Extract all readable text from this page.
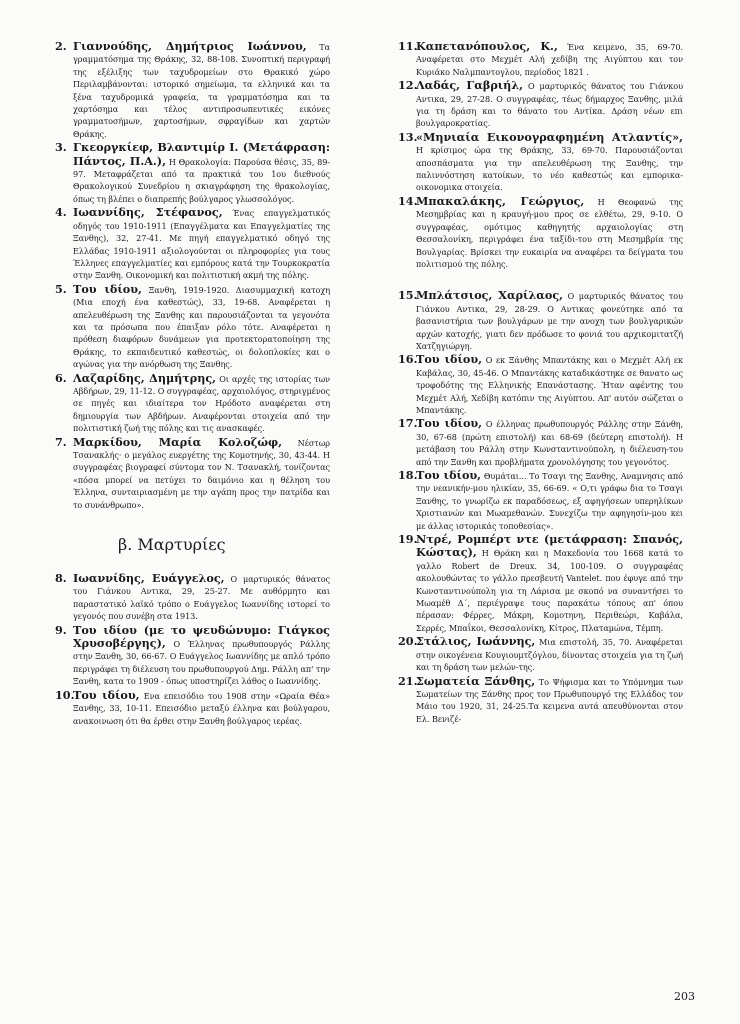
2. Γιαννούδης, Δημήτριος Ιωάννου, Τα γραμματόσημα της Θράκης, 32, 88-108. Συνοπτική περιγραφή της εξέλιξης των ταχυδρομείων στο Θρακικό χώρο Περιλαμβάνονται: ιστορικό σημείωμα, τα ελληνικά και τα ξένα ταχυδρομικά γραφεία, τα γραμματόσημα και τα χαρτόσημα και τέλος αντιπροσωπευτικές εικόνες γραμματοσήμων, χαρτοσήμων, σφραγίδων και χαρτών Θράκης.
3. Γκεοργκίεφ, Βλαντιμίρ Ι. (Μετάφραση: Πάντος, Π.Α.), Η Θρακολογία: Παρούσα θέσις, 35, 89-97. Μεταφράζεται από τα πρακτικά του 1ου διεθνούς Θρακολογικού Συνεδρίου η σκιαγράφηση της θρακολογίας, όπως τη βλέπει ο διαπρεπής βούλγαρος γλωσσολόγος.
4. Ιωαννίδης, Στέφανος, Ένας επαγγελματικός οδηγός του 1910-1911 (Επαγγέλματα και Επαγγελματίες της Ξανθης), 32, 27-41. Με πηγή επαγγελματικό οδηγό της Ελλάδας 1910-1911 αξιολογούνται οι πληροφορίες για τους Έλληνες επαγγελματίες και εμπόρους κατά την Τουρκοκρατία στην Ξανθη. Οικονομική και πολιτιστική ακμή της πόλης.
5. Του ιδίου, Ξανθη, 1919-1920. Διασυμμαχική κατοχη (Μια εποχή ένα καθεστώς), 33, 19-68. Αναφέρεται η απελευθέρωση της Ξανθης και παρουσιάζονται τα γεγονότα και τα πρόσωπα που έπαιξαν ρόλο τότε. Αναφέρεται η πρόθεση διαφόρων δυνάμεων για προτεκτορατοποίηση της Θράκης, το εκπαιδευτικό καθεστώς, οι δολοπλοκίες και ο αγώνας για την ανόρθωση της Ξανθης.
6. Λαζαρίδης, Δημήτρης, Οι αρχές της ιστορίας των Αβδήρων, 29, 11-12. Ο συγγραφέας, αρχαιολόγος, στηριγμένος σε πηγές και ιδιαίτερα τον Ηρόδοτο αναφέρεται στη δημιουργία των Αβδήρων. Αναφέρονται στοιχεία από την πολιτιστική ζωή της πόλης και τις ανασκαφές.
7. Μαρκίδου, Μαρία Κολοζώφ, Νέστωρ Τσανακλής· ο μεγάλος ευεργέτης της Κομοτηνής, 30, 43-44. Η συγγραφέας βιογραφεί σύντομα τον Ν. Τσανακλή, τονίζοντας «πόσα μπορεί να πετύχει το δαιμόνιο και η θέληση του Έλληνα, συνταιριασμένη με την αγάπη προς την πατρίδα και το συνάνθρωπο».
β. Μαρτυρίες
8. Ιωαννίδης, Ευάγγελος, Ο μαρτυρικός θάνατος του Γιάνκου Αντικα, 29, 25-27. Με αυθόρμητο και παραστατικό λαϊκό τρόπο ο Ευάγγελος Ιωαννίδης ιστορεί το γεγονός που συνέβη στα 1913.
9. Του ιδίου (με το ψευδώνυμο: Γιάγκος Χρυσοβέργης), Ο Έλληνας πρωθυπουργός Ράλλης στην Ξανθη, 30, 66-67. Ο Ευάγγελος Ιωαννίδης με απλό τρόπο περιγράφει τη διέλευση του πρωθυπουργού Δημ. Ράλλη απ' την Ξανθη, κατα το 1909 - όπως υποστηρίζει λάθος ο Ιωαννίδης.
10.
Του ιδίου, Ενα επεισόδιο του 1908 στην «Ωραία Θέα» Ξανθης, 33, 10-11. Επεισόδιο μεταξύ έλληνα και βούλγαρου, ανακοινωση ότι θα έρθει στην Ξανθη βούλγαρος ιερέας.
11.
Καπετανόπουλος, Κ., Ένα κειμενο, 35, 69-70. Αναφέρεται στο Μεχμέτ Αλή χεδίβη της Αιγύπτου και τον Κυριάκο Ναλμπαντογλου, περίοδος 1821 .
12.
Λαδάς, Γαβριήλ, Ο μαρτυρικός θάνατος του Γιάνκου Αντικα, 29, 27-28. Ο συγγραφέας, τέως δήμαρχος Ξανθης, μιλά για τη δράση και το θάνατο του Αντίκα. Δράση νέων επι βουλγαροκρατίας.
13.
«Μηνιαία Εικονογραφημένη Ατλαντίς», Η κρίσιμος ώρα της Θράκης, 33, 69-70. Παρουσιάζονται αποσπάσματα για την απελευθέρωση της Ξανθης, την παλιννόστηση κατοίκων, το νέο καθεστώς και εμπορικα-οικονομικα στοιχεία.
14.
Μπακαλάκης, Γεώργιος, Η Θεοφανώ της Μεσημβρίας και η κραυγή-μου προς σε ελθέτω, 29, 9-10. Ο συγγραφέας, ομότιμος καθηγητής αρχαιολογίας στη Θεσσαλονίκη, περιγράφει ένα ταξίδι-του στη Μεσημβρία της Βουλγαρίας. Βρίσκει την ευκαιρία να αναφέρει τα δείγματα του πολιτισμού της πόλης.
15.
Μπλάτσιος, Χαρίλαος, Ο μαρτυρικός θάνατος του Γιάνκου Αντικα, 29, 28-29. Ο Αντικας φονεύτηκε από τα βασανιστήρια των βουλγάρων με την ανοχη των βουλγαρικών αρχών κατοχής, γιατι δεν πρόδωσε το φονιά του αρχικομιτατζή Χατζηγιώργη.
16.
Του ιδίου, Ο εκ Ξάνθης Μπαντάκης και ο Μεχμέτ Αλή εκ Καβάλας, 30, 45-46. Ο Μπαντάκης καταδικάστηκε σε θανατο ως τροφοδότης της Ελληνικής Επανάστασης. Ήταν αφέντης του Μεχμέτ Αλή, Χεδίβη κατόπιν της Αιγύπτου. Απ' αυτόν σώζεται ο Μπαντάκης.
17.
Του ιδίου, Ο έλληνας πρωθυπουργός Ράλλης στην Ξάνθη, 30, 67-68 (πρώτη επιστολή) και 68-69 (δεύτερη επιστολή). Η μετάβαση του Ράλλη στην Κωνσταντινούπολη, η διέλευση-του από την Ξανθη και προβλήματα χρονολόγησης του γεγονότος.
18.
Του ιδίου, Θυμάται... Το Τσαγι της Ξανθης, Αναμνησις από την νεανικήν-μου ηλικίαν, 35, 66-69. « Ο,τι γράφω δια το Τσαγι Ξανθης, το γνωρίζω εκ παραδόσεως, εξ αφηγήσεων υπερηλίκων Χριστιανών και Μωαμεθανών. Συνεχίζω την αφηγησίν-μου κει με άλλας ιστορικάς τοποθεσίας».
19.
Ντρέ, Ρομπέρτ ντε (μετάφραση: Σπανός, Κώστας), Η Θράκη και η Μακεδονία του 1668 κατά το γαλλο Robert de Dreux. 34, 100-109. Ο συγγραφέας ακολουθώντας το γάλλο πρεσβευτή Vantelet. που έφυγε από την Κωνσταντινούπολη για τη Λάρισα με σκοπό να συναντήσει το Μωαμέθ Δ΄, περιέγραψε τους παρακάτω τόπους απ' όπου πέρασαν: Φέρρες, Μάκρη, Κομοτηνη, Περιθεώρι, Καβάλα, Σερρές, Μπαΐκοι, Θεσσαλονίκη, Κίτρος, Πλαταμώνα, Τέμπη.
20.
Στάλιος, Ιωάννης, Μια επιστολή, 35, 70. Αναφέρεται στην οικογένεια Κουγιουμτζόγλου, δίνοντας στοιχεία για τη ζωή και τη δράση των μελών-της.
21.
Σωματεία Ξάνθης, Το Ψήφισμα και το Υπόμνημα των Σωματείων της Ξάνθης προς τον Πρωθυπουργό της Ελλάδος τον Μάιο του 1920, 31, 24-25.Τα κειμενα αυτά απευθύνονται στον Ελ. Βενιζέ-
203
